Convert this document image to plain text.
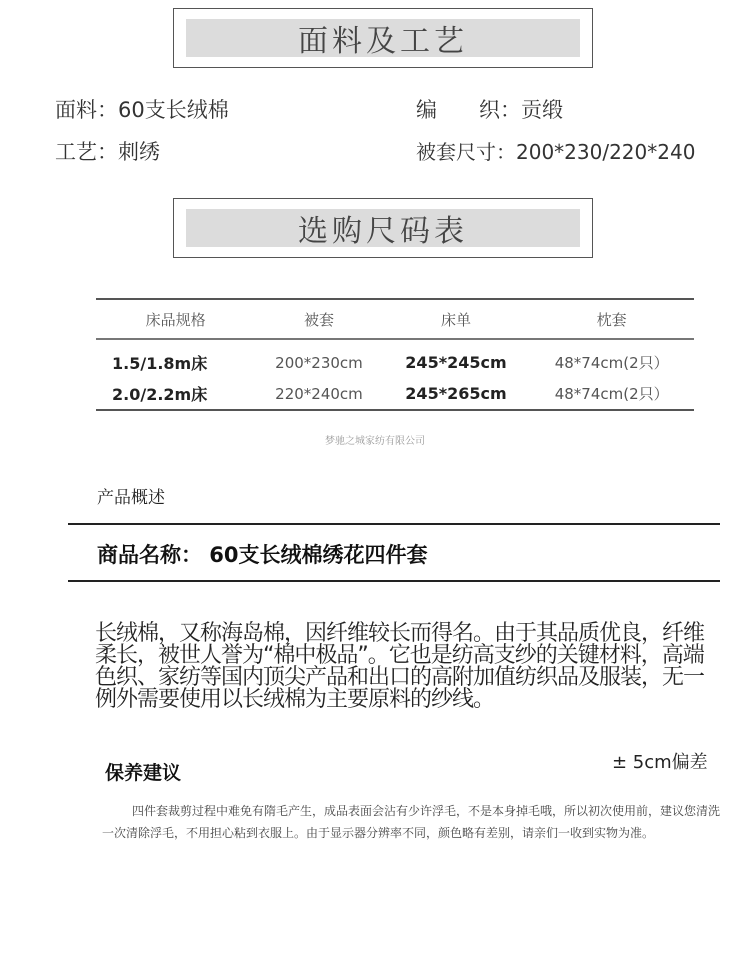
面料及工艺
面料：60支长绒棉	编　　织：贡缎
工艺：刺绣	被套尺寸：200*230/220*240
选购尺码表
床品规格	被套	床单	枕套
1.5/1.8m床	200*230cm	245*245cm	48*74cm(2只）
2.0/2.2m床	220*240cm	245*265cm	48*74cm(2只）
梦驰之城家纺有限公司
产品概述
商品名称： 60支长绒棉绣花四件套
长绒棉，又称海岛棉，因纤维较长而得名。由于其品质优良，纤维柔长，被世人誉为“棉中极品”。它也是纺高支纱的关键材料，高端色织、家纺等国内顶尖产品和出口的高附加值纺织品及服装，无一例外需要使用以长绒棉为主要原料的纱线。
保养建议	± 5cm偏差
四件套裁剪过程中难免有隋毛产生，成品表面会沾有少许浮毛，不是本身掉毛哦，所以初次使用前，建议您清洗一次清除浮毛，不用担心粘到衣服上。由于显示器分辨率不同，颜色略有差别，请亲们一收到实物为准。
